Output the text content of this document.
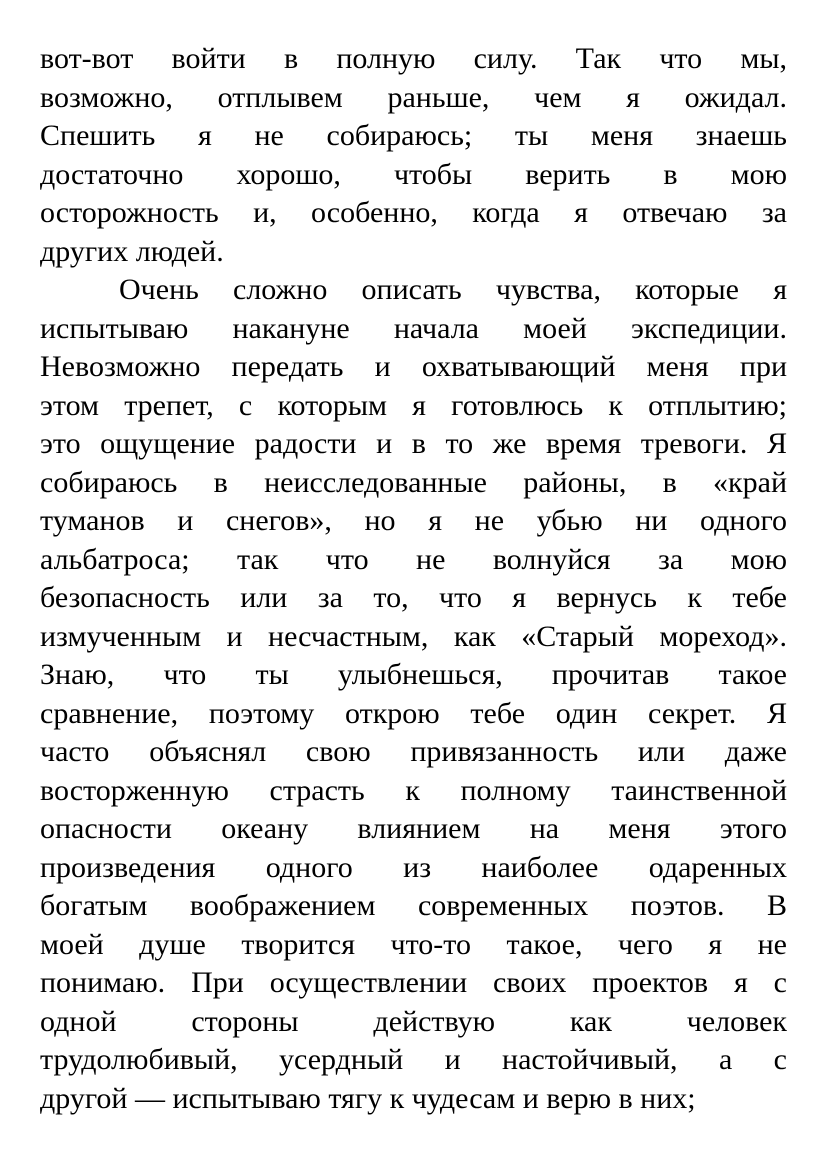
вот-вот войти в полную силу. Так что мы,
возможно, отплывем раньше, чем я ожидал.
Спешить я не собираюсь; ты меня знаешь
достаточно хорошо, чтобы верить в мою
осторожность и, особенно, когда я отвечаю за
других людей.
Очень сложно описать чувства, которые я
испытываю накануне начала моей экспедиции.
Невозможно передать и охватывающий меня при
этом трепет, с которым я готовлюсь к отплытию;
это ощущение радости и в то же время тревоги. Я
собираюсь в неисследованные районы, в «край
туманов и снегов», но я не убью ни одного
альбатроса; так что не волнуйся за мою
безопасность или за то, что я вернусь к тебе
измученным и несчастным, как «Старый мореход».
Знаю, что ты улыбнешься, прочитав такое
сравнение, поэтому открою тебе один секрет. Я
часто объяснял свою привязанность или даже
восторженную страсть к полному таинственной
опасности океану влиянием на меня этого
произведения одного из наиболее одаренных
богатым воображением современных поэтов. В
моей душе творится что-то такое, чего я не
понимаю. При осуществлении своих проектов я с
одной стороны действую как человек
трудолюбивый, усердный и настойчивый, а с
другой — испытываю тягу к чудесам и верю в них;
